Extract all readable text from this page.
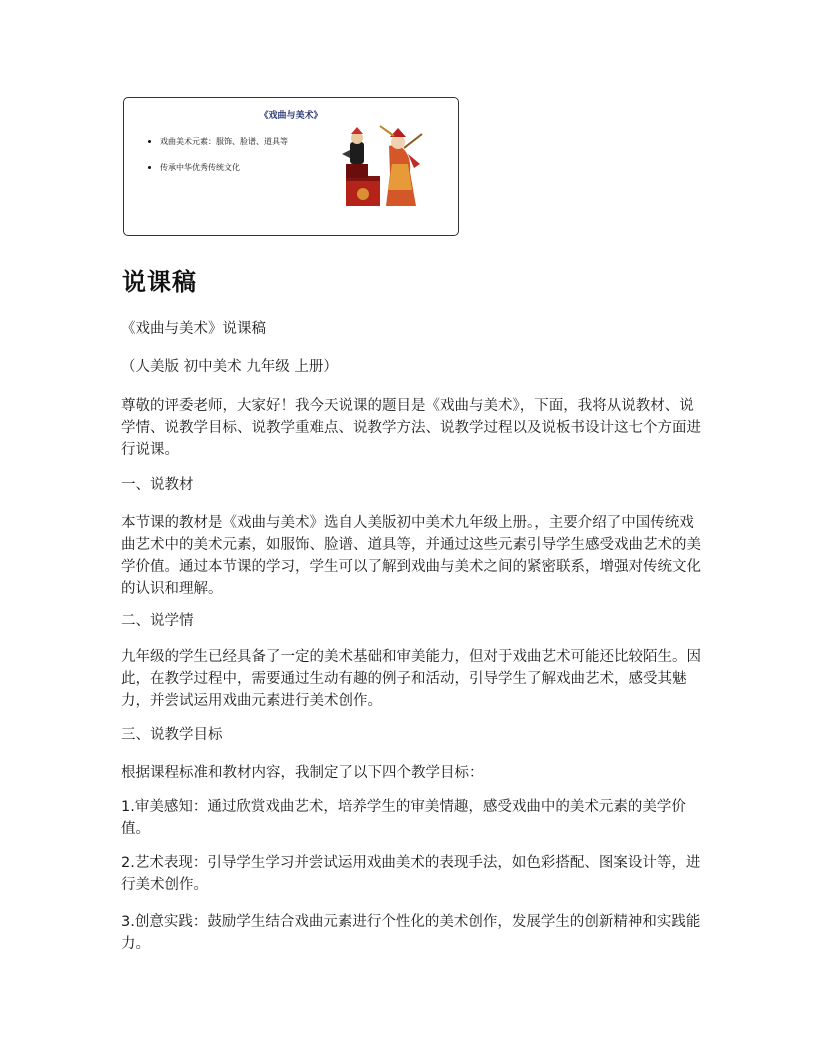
《戏曲与美术》
戏曲美术元素：服饰、脸谱、道具等
传承中华优秀传统文化
说课稿

《戏曲与美术》说课稿

（人美版 初中美术 九年级 上册）

尊敬的评委老师，大家好！我今天说课的题目是《戏曲与美术》，下面，我将从说教材、说学情、说教学目标、说教学重难点、说教学方法、说教学过程以及说板书设计这七个方面进行说课。

一、说教材

本节课的教材是《戏曲与美术》选自人美版初中美术九年级上册。，主要介绍了中国传统戏曲艺术中的美术元素，如服饰、脸谱、道具等，并通过这些元素引导学生感受戏曲艺术的美学价值。通过本节课的学习，学生可以了解到戏曲与美术之间的紧密联系，增强对传统文化的认识和理解。

二、说学情

九年级的学生已经具备了一定的美术基础和审美能力，但对于戏曲艺术可能还比较陌生。因此，在教学过程中，需要通过生动有趣的例子和活动，引导学生了解戏曲艺术，感受其魅力，并尝试运用戏曲元素进行美术创作。

三、说教学目标

根据课程标准和教材内容，我制定了以下四个教学目标：

1.审美感知：通过欣赏戏曲艺术，培养学生的审美情趣，感受戏曲中的美术元素的美学价值。

2.艺术表现：引导学生学习并尝试运用戏曲美术的表现手法，如色彩搭配、图案设计等，进行美术创作。

3.创意实践：鼓励学生结合戏曲元素进行个性化的美术创作，发展学生的创新精神和实践能力。
